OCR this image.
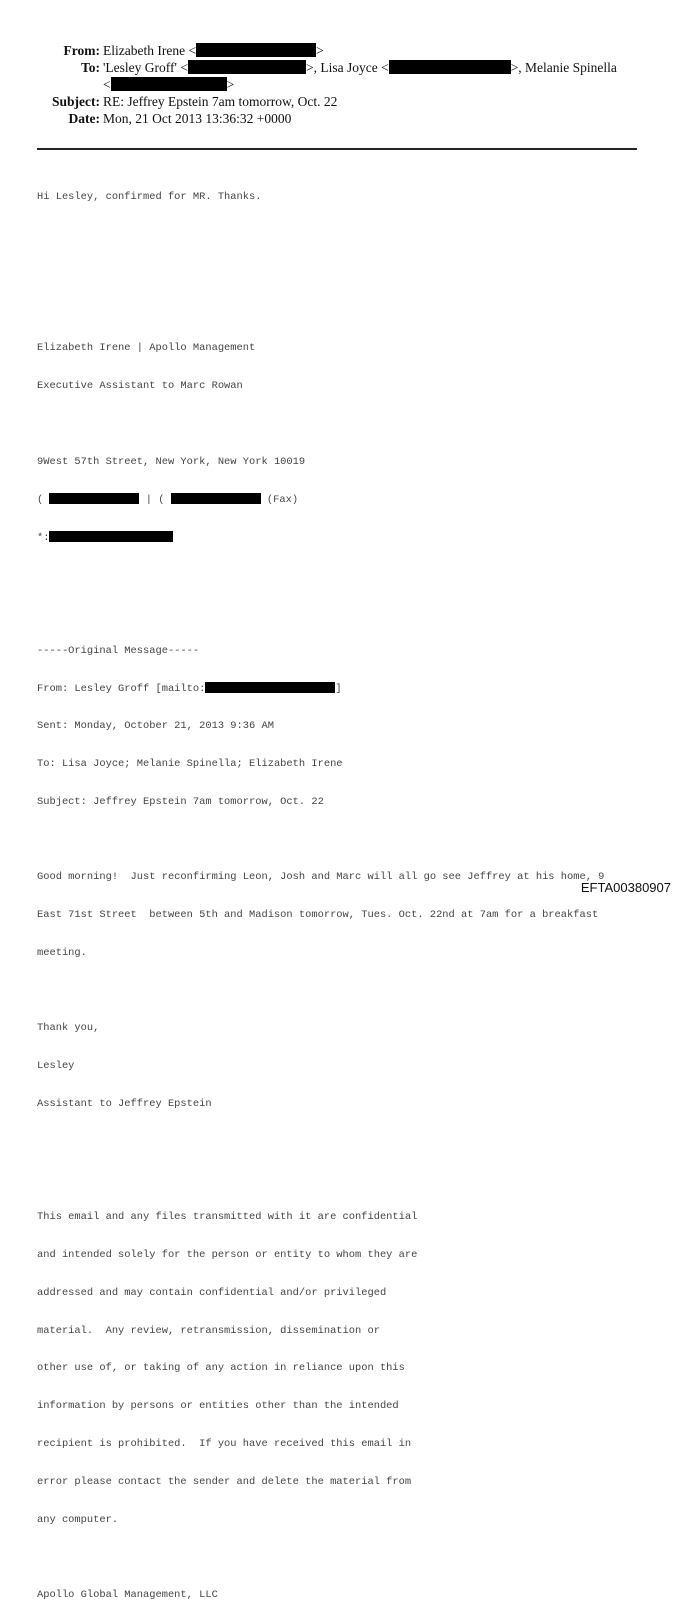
From: Elizabeth Irene <	>
To: 'Lesley Groff' <	>, Lisa Joyce <	>, Melanie Spinella
<	>
Subject: RE: Jeffrey Epstein 7am tomorrow, Oct. 22
Date: Mon, 21 Oct 2013 13:36:32 +0000

Hi Lesley, confirmed for MR. Thanks.

Elizabeth Irene | Apollo Management

Executive Assistant to Marc Rowan

9West 57th Street, New York, New York 10019

(	| (	(Fax)

*:

-----Original Message-----

From: Lesley Groff [mailto:	]

Sent: Monday, October 21, 2013 9:36 AM

To: Lisa Joyce; Melanie Spinella; Elizabeth Irene

Subject: Jeffrey Epstein 7am tomorrow, Oct. 22

Good morning!  Just reconfirming Leon, Josh and Marc will all go see Jeffrey at his home, 9

East 71st Street  between 5th and Madison tomorrow, Tues. Oct. 22nd at 7am for a breakfast

meeting.

Thank you,

Lesley

Assistant to Jeffrey Epstein

This email and any files transmitted with it are confidential

and intended solely for the person or entity to whom they are

addressed and may contain confidential and/or privileged

material.  Any review, retransmission, dissemination or

other use of, or taking of any action in reliance upon this

information by persons or entities other than the intended

recipient is prohibited.  If you have received this email in

error please contact the sender and delete the material from

any computer.

Apollo Global Management, LLC

EFTA00380907
